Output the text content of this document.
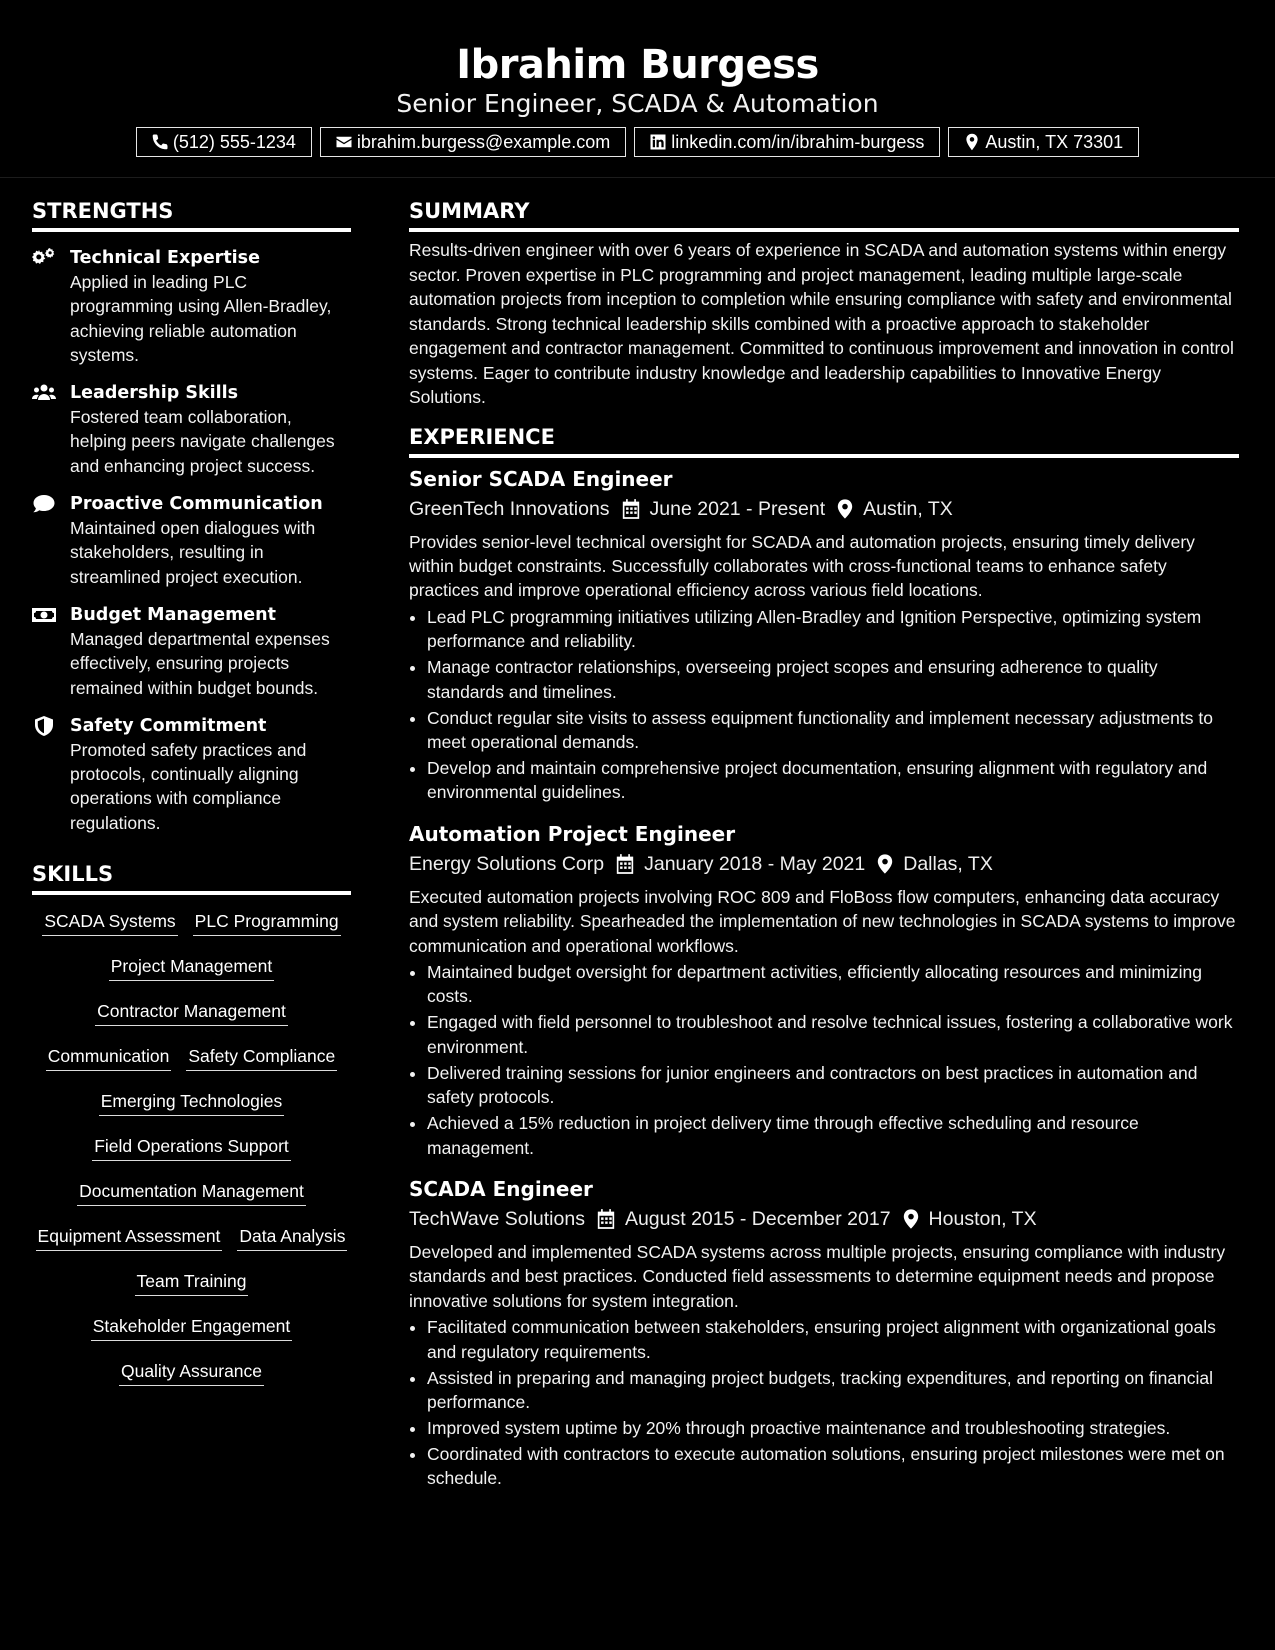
Ibrahim Burgess
Senior Engineer, SCADA & Automation
(512) 555-1234	ibrahim.burgess@example.com	linkedin.com/in/ibrahim-burgess	Austin, TX 73301
STRENGTHS
Technical Expertise
Applied in leading PLC programming using Allen-Bradley, achieving reliable automation systems.
Leadership Skills
Fostered team collaboration, helping peers navigate challenges and enhancing project success.
Proactive Communication
Maintained open dialogues with stakeholders, resulting in streamlined project execution.
Budget Management
Managed departmental expenses effectively, ensuring projects remained within budget bounds.
Safety Commitment
Promoted safety practices and protocols, continually aligning operations with compliance regulations.
SKILLS
SCADA Systems PLC Programming
Project Management
Contractor Management
Communication Safety Compliance
Emerging Technologies
Field Operations Support
Documentation Management
Equipment Assessment Data Analysis
Team Training
Stakeholder Engagement
Quality Assurance
SUMMARY
Results-driven engineer with over 6 years of experience in SCADA and automation systems within energy sector. Proven expertise in PLC programming and project management, leading multiple large-scale automation projects from inception to completion while ensuring compliance with safety and environmental standards. Strong technical leadership skills combined with a proactive approach to stakeholder engagement and contractor management. Committed to continuous improvement and innovation in control systems. Eager to contribute industry knowledge and leadership capabilities to Innovative Energy Solutions.
EXPERIENCE
Senior SCADA Engineer
GreenTech Innovations June 2021 - Present Austin, TX
Provides senior-level technical oversight for SCADA and automation projects, ensuring timely delivery within budget constraints. Successfully collaborates with cross-functional teams to enhance safety practices and improve operational efficiency across various field locations.
• Lead PLC programming initiatives utilizing Allen-Bradley and Ignition Perspective, optimizing system performance and reliability.
• Manage contractor relationships, overseeing project scopes and ensuring adherence to quality standards and timelines.
• Conduct regular site visits to assess equipment functionality and implement necessary adjustments to meet operational demands.
• Develop and maintain comprehensive project documentation, ensuring alignment with regulatory and environmental guidelines.
Automation Project Engineer
Energy Solutions Corp January 2018 - May 2021 Dallas, TX
Executed automation projects involving ROC 809 and FloBoss flow computers, enhancing data accuracy and system reliability. Spearheaded the implementation of new technologies in SCADA systems to improve communication and operational workflows.
• Maintained budget oversight for department activities, efficiently allocating resources and minimizing costs.
• Engaged with field personnel to troubleshoot and resolve technical issues, fostering a collaborative work environment.
• Delivered training sessions for junior engineers and contractors on best practices in automation and safety protocols.
• Achieved a 15% reduction in project delivery time through effective scheduling and resource management.
SCADA Engineer
TechWave Solutions August 2015 - December 2017 Houston, TX
Developed and implemented SCADA systems across multiple projects, ensuring compliance with industry standards and best practices. Conducted field assessments to determine equipment needs and propose innovative solutions for system integration.
• Facilitated communication between stakeholders, ensuring project alignment with organizational goals and regulatory requirements.
• Assisted in preparing and managing project budgets, tracking expenditures, and reporting on financial performance.
• Improved system uptime by 20% through proactive maintenance and troubleshooting strategies.
• Coordinated with contractors to execute automation solutions, ensuring project milestones were met on schedule.
